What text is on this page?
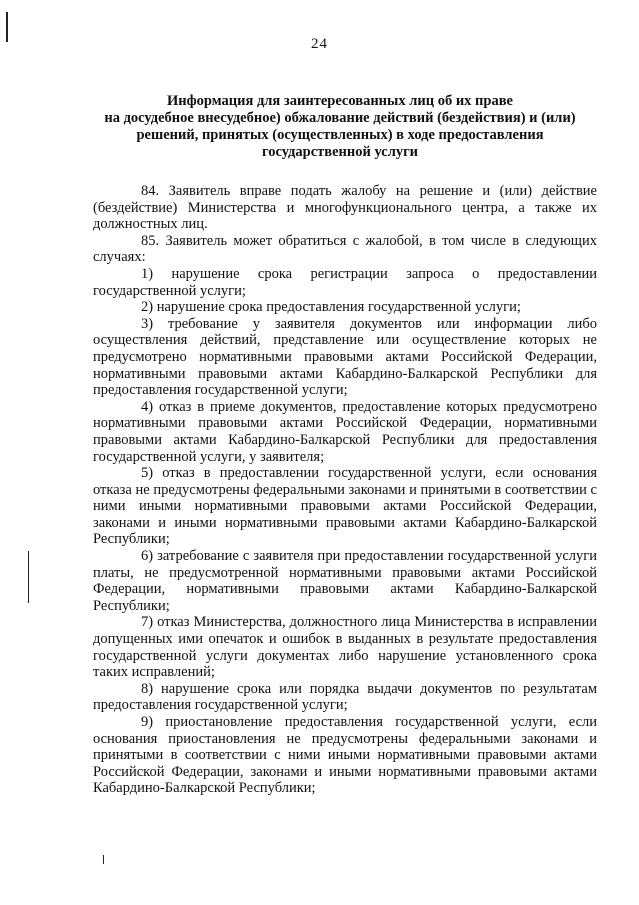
24
Информация для заинтересованных лиц об их праве
на досудебное внесудебное) обжалование действий (бездействия) и (или)
решений, принятых (осуществленных) в ходе предоставления
государственной услуги

84. Заявитель вправе подать жалобу на решение и (или) действие (бездействие) Министерства и многофункционального центра, а также их должностных лиц.

85. Заявитель может обратиться с жалобой, в том числе в следующих случаях:

1) нарушение срока регистрации запроса о предоставлении государственной услуги;

2) нарушение срока предоставления государственной услуги;

3) требование у заявителя документов или информации либо осуществления действий, представление или осуществление которых не предусмотрено нормативными правовыми актами Российской Федерации, нормативными правовыми актами Кабардино-Балкарской Республики для предоставления государственной услуги;

4) отказ в приеме документов, предоставление которых предусмотрено нормативными правовыми актами Российской Федерации, нормативными правовыми актами Кабардино-Балкарской Республики для предоставления государственной услуги, у заявителя;

5) отказ в предоставлении государственной услуги, если основания отказа не предусмотрены федеральными законами и принятыми в соответствии с ними иными нормативными правовыми актами Российской Федерации, законами и иными нормативными правовыми актами Кабардино-Балкарской Республики;

6) затребование с заявителя при предоставлении государственной услуги платы, не предусмотренной нормативными правовыми актами Российской Федерации, нормативными правовыми актами Кабардино-Балкарской Республики;

7) отказ Министерства, должностного лица Министерства в исправлении допущенных ими опечаток и ошибок в выданных в результате предоставления государственной услуги документах либо нарушение установленного срока таких исправлений;

8) нарушение срока или порядка выдачи документов по результатам предоставления государственной услуги;

9) приостановление предоставления государственной услуги, если основания приостановления не предусмотрены федеральными законами и принятыми в соответствии с ними иными нормативными правовыми актами Российской Федерации, законами и иными нормативными правовыми актами Кабардино-Балкарской Республики;
